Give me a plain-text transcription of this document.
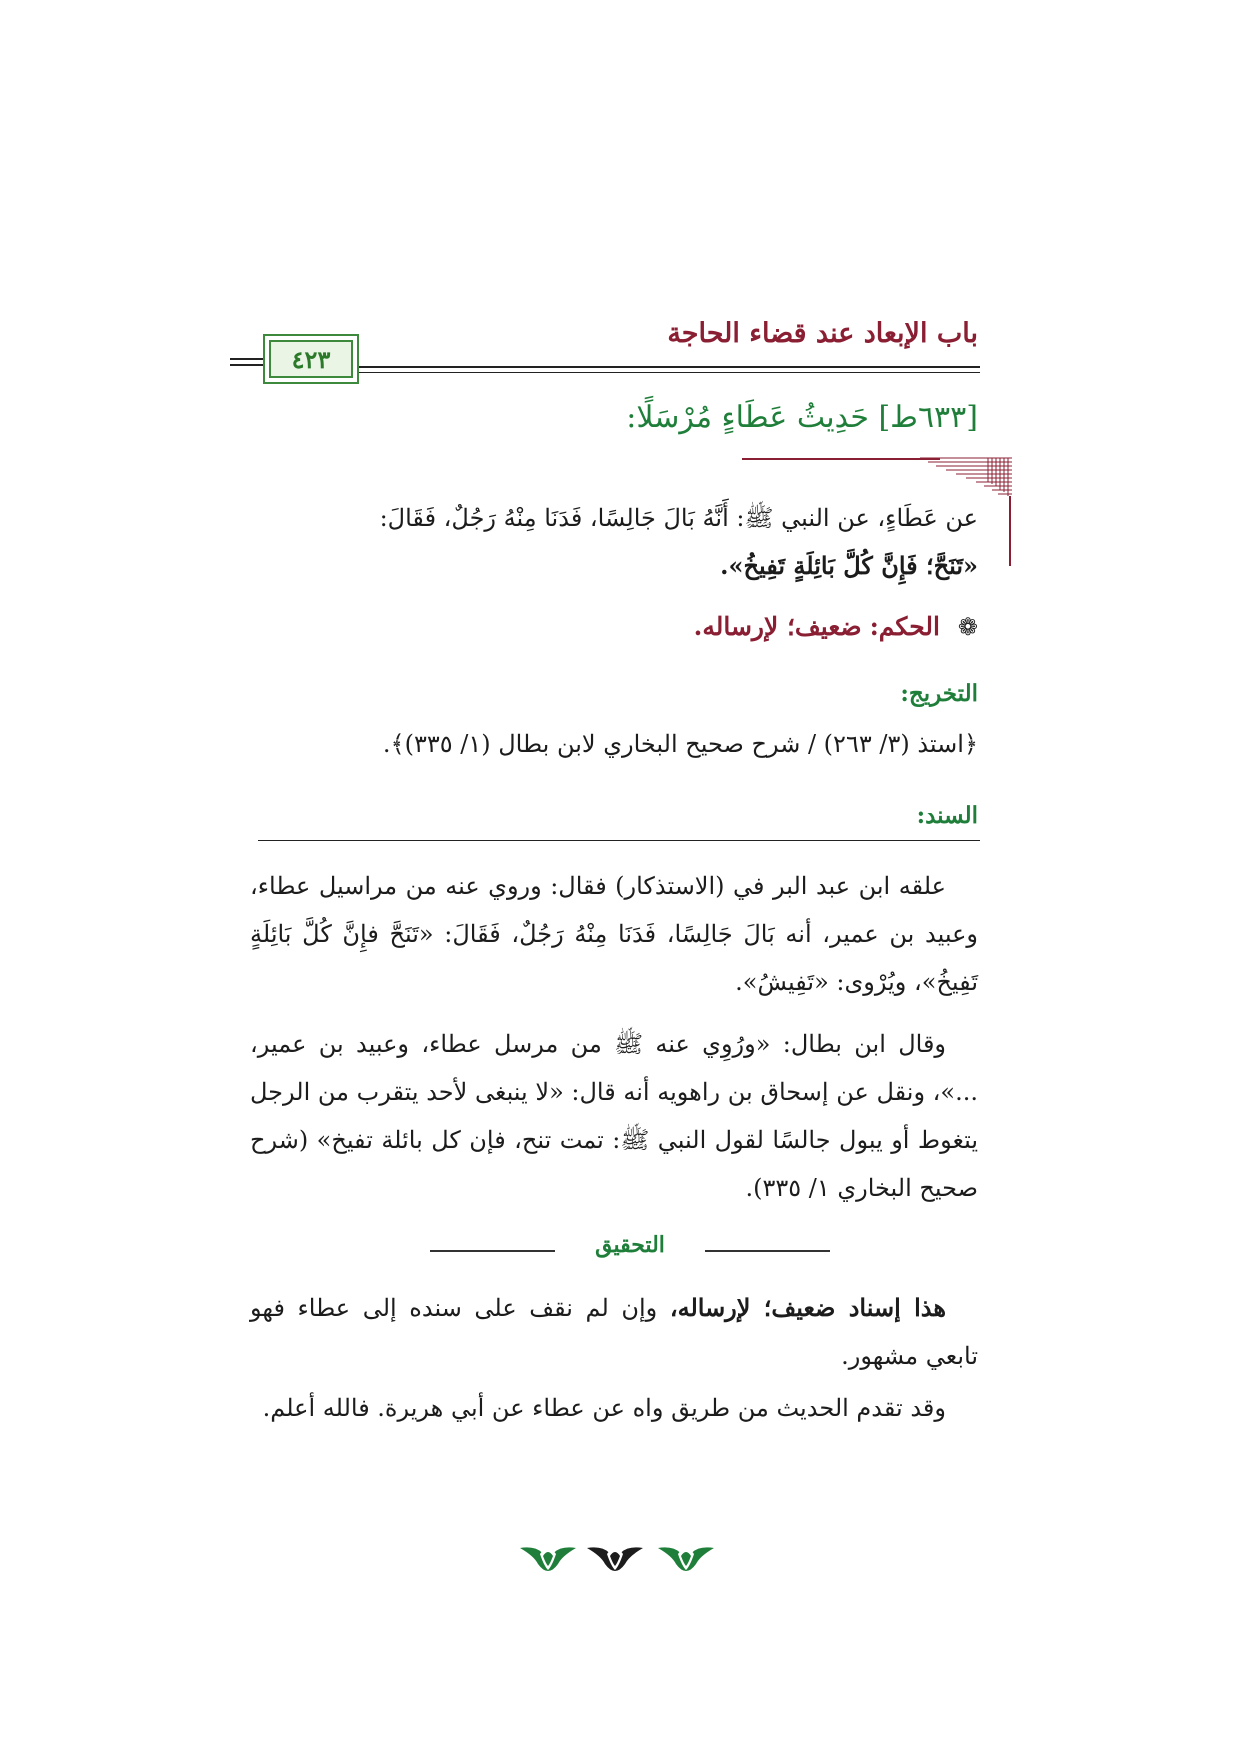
باب الإبعاد عند قضاء الحاجة
٤٢٣
[٦٣٣ط] حَدِيثُ عَطَاءٍ مُرْسَلًا:
عن عَطَاءٍ، عن النبي ﷺ: أَنَّهُ بَالَ جَالِسًا، فَدَنَا مِنْهُ رَجُلٌ، فَقَالَ:
«تَنَحَّ؛ فَإِنَّ كُلَّ بَائِلَةٍ تَفِيخُ».
❁ الحكم: ضعيف؛ لإرساله.
التخريج:
﴿استذ (٣/ ٢٦٣) / شرح صحيح البخاري لابن بطال (١/ ٣٣٥)﴾.
السند:
علقه ابن عبد البر في (الاستذكار) فقال: وروي عنه من مراسيل عطاء، وعبيد بن عمير، أنه بَالَ جَالِسًا، فَدَنَا مِنْهُ رَجُلٌ، فَقَالَ: «تَنَحَّ فإِنَّ كُلَّ بَائِلَةٍ تَفِيخُ»، ويُرْوى: «تَفِيشُ».
وقال ابن بطال: «ورُوِي عنه ﷺ من مرسل عطاء، وعبيد بن عمير، ...»، ونقل عن إسحاق بن راهويه أنه قال: «لا ينبغى لأحد يتقرب من الرجل يتغوط أو يبول جالسًا لقول النبي ﷺ: تمت تنح، فإن كل بائلة تفيخ» (شرح صحيح البخاري ١/ ٣٣٥).
التحقيق
هذا إسناد ضعيف؛ لإرساله، وإن لم نقف على سنده إلى عطاء فهو تابعي مشهور.
وقد تقدم الحديث من طريق واه عن عطاء عن أبي هريرة. فالله أعلم.
